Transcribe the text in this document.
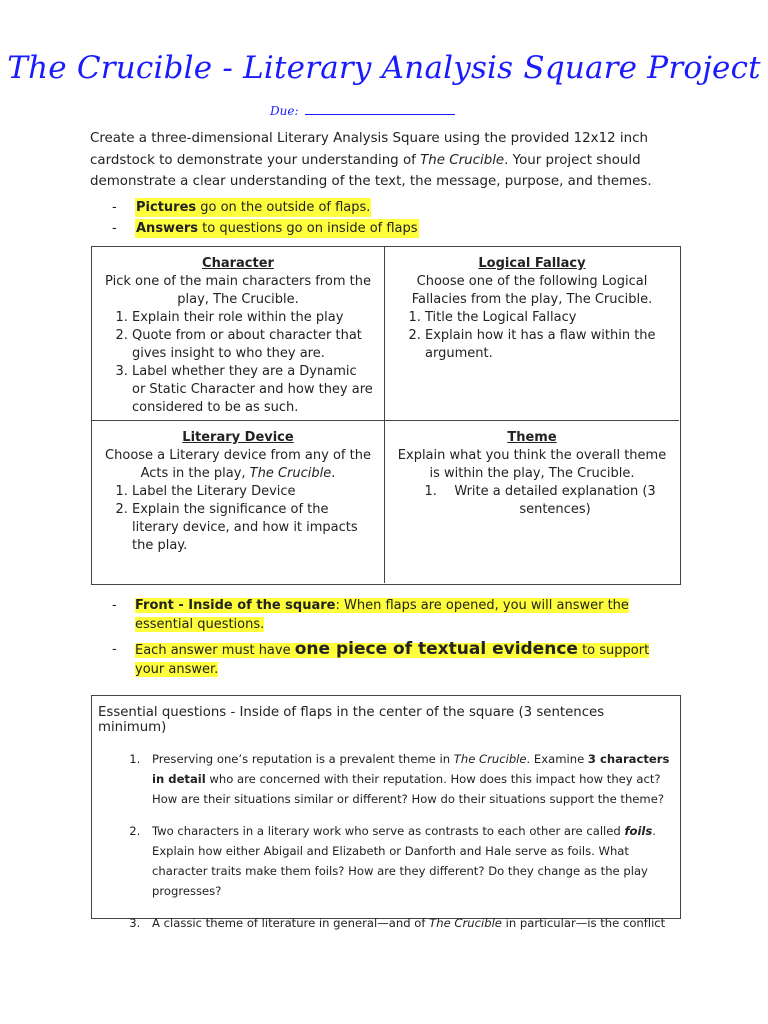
The Crucible - Literary Analysis Square Project
Due:
Create a three-dimensional Literary Analysis Square using the provided 12x12 inch cardstock to demonstrate your understanding of The Crucible. Your project should demonstrate a clear understanding of the text, the message, purpose, and themes.
- Pictures go on the outside of flaps.
- Answers to questions go on inside of flaps
Character
Pick one of the main characters from the play, The Crucible.
1. Explain their role within the play
2. Quote from or about character that gives insight to who they are.
3. Label whether they are a Dynamic or Static Character and how they are considered to be as such.
Logical Fallacy
Choose one of the following Logical Fallacies from the play, The Crucible.
1. Title the Logical Fallacy
2. Explain how it has a flaw within the argument.
Literary Device
Choose a Literary device from any of the Acts in the play, The Crucible.
1. Label the Literary Device
2. Explain the significance of the literary device, and how it impacts the play.
Theme
Explain what you think the overall theme is within the play, The Crucible.
1. Write a detailed explanation (3 sentences)
- Front - Inside of the square: When flaps are opened, you will answer the essential questions.
- Each answer must have one piece of textual evidence to support your answer.
Essential questions - Inside of flaps in the center of the square (3 sentences minimum)
1. Preserving one’s reputation is a prevalent theme in The Crucible. Examine 3 characters in detail who are concerned with their reputation. How does this impact how they act? How are their situations similar or different? How do their situations support the theme?
2. Two characters in a literary work who serve as contrasts to each other are called foils. Explain how either Abigail and Elizabeth or Danforth and Hale serve as foils. What character traits make them foils? How are they different? Do they change as the play progresses?
3. A classic theme of literature in general—and of The Crucible in particular—is the conflict
